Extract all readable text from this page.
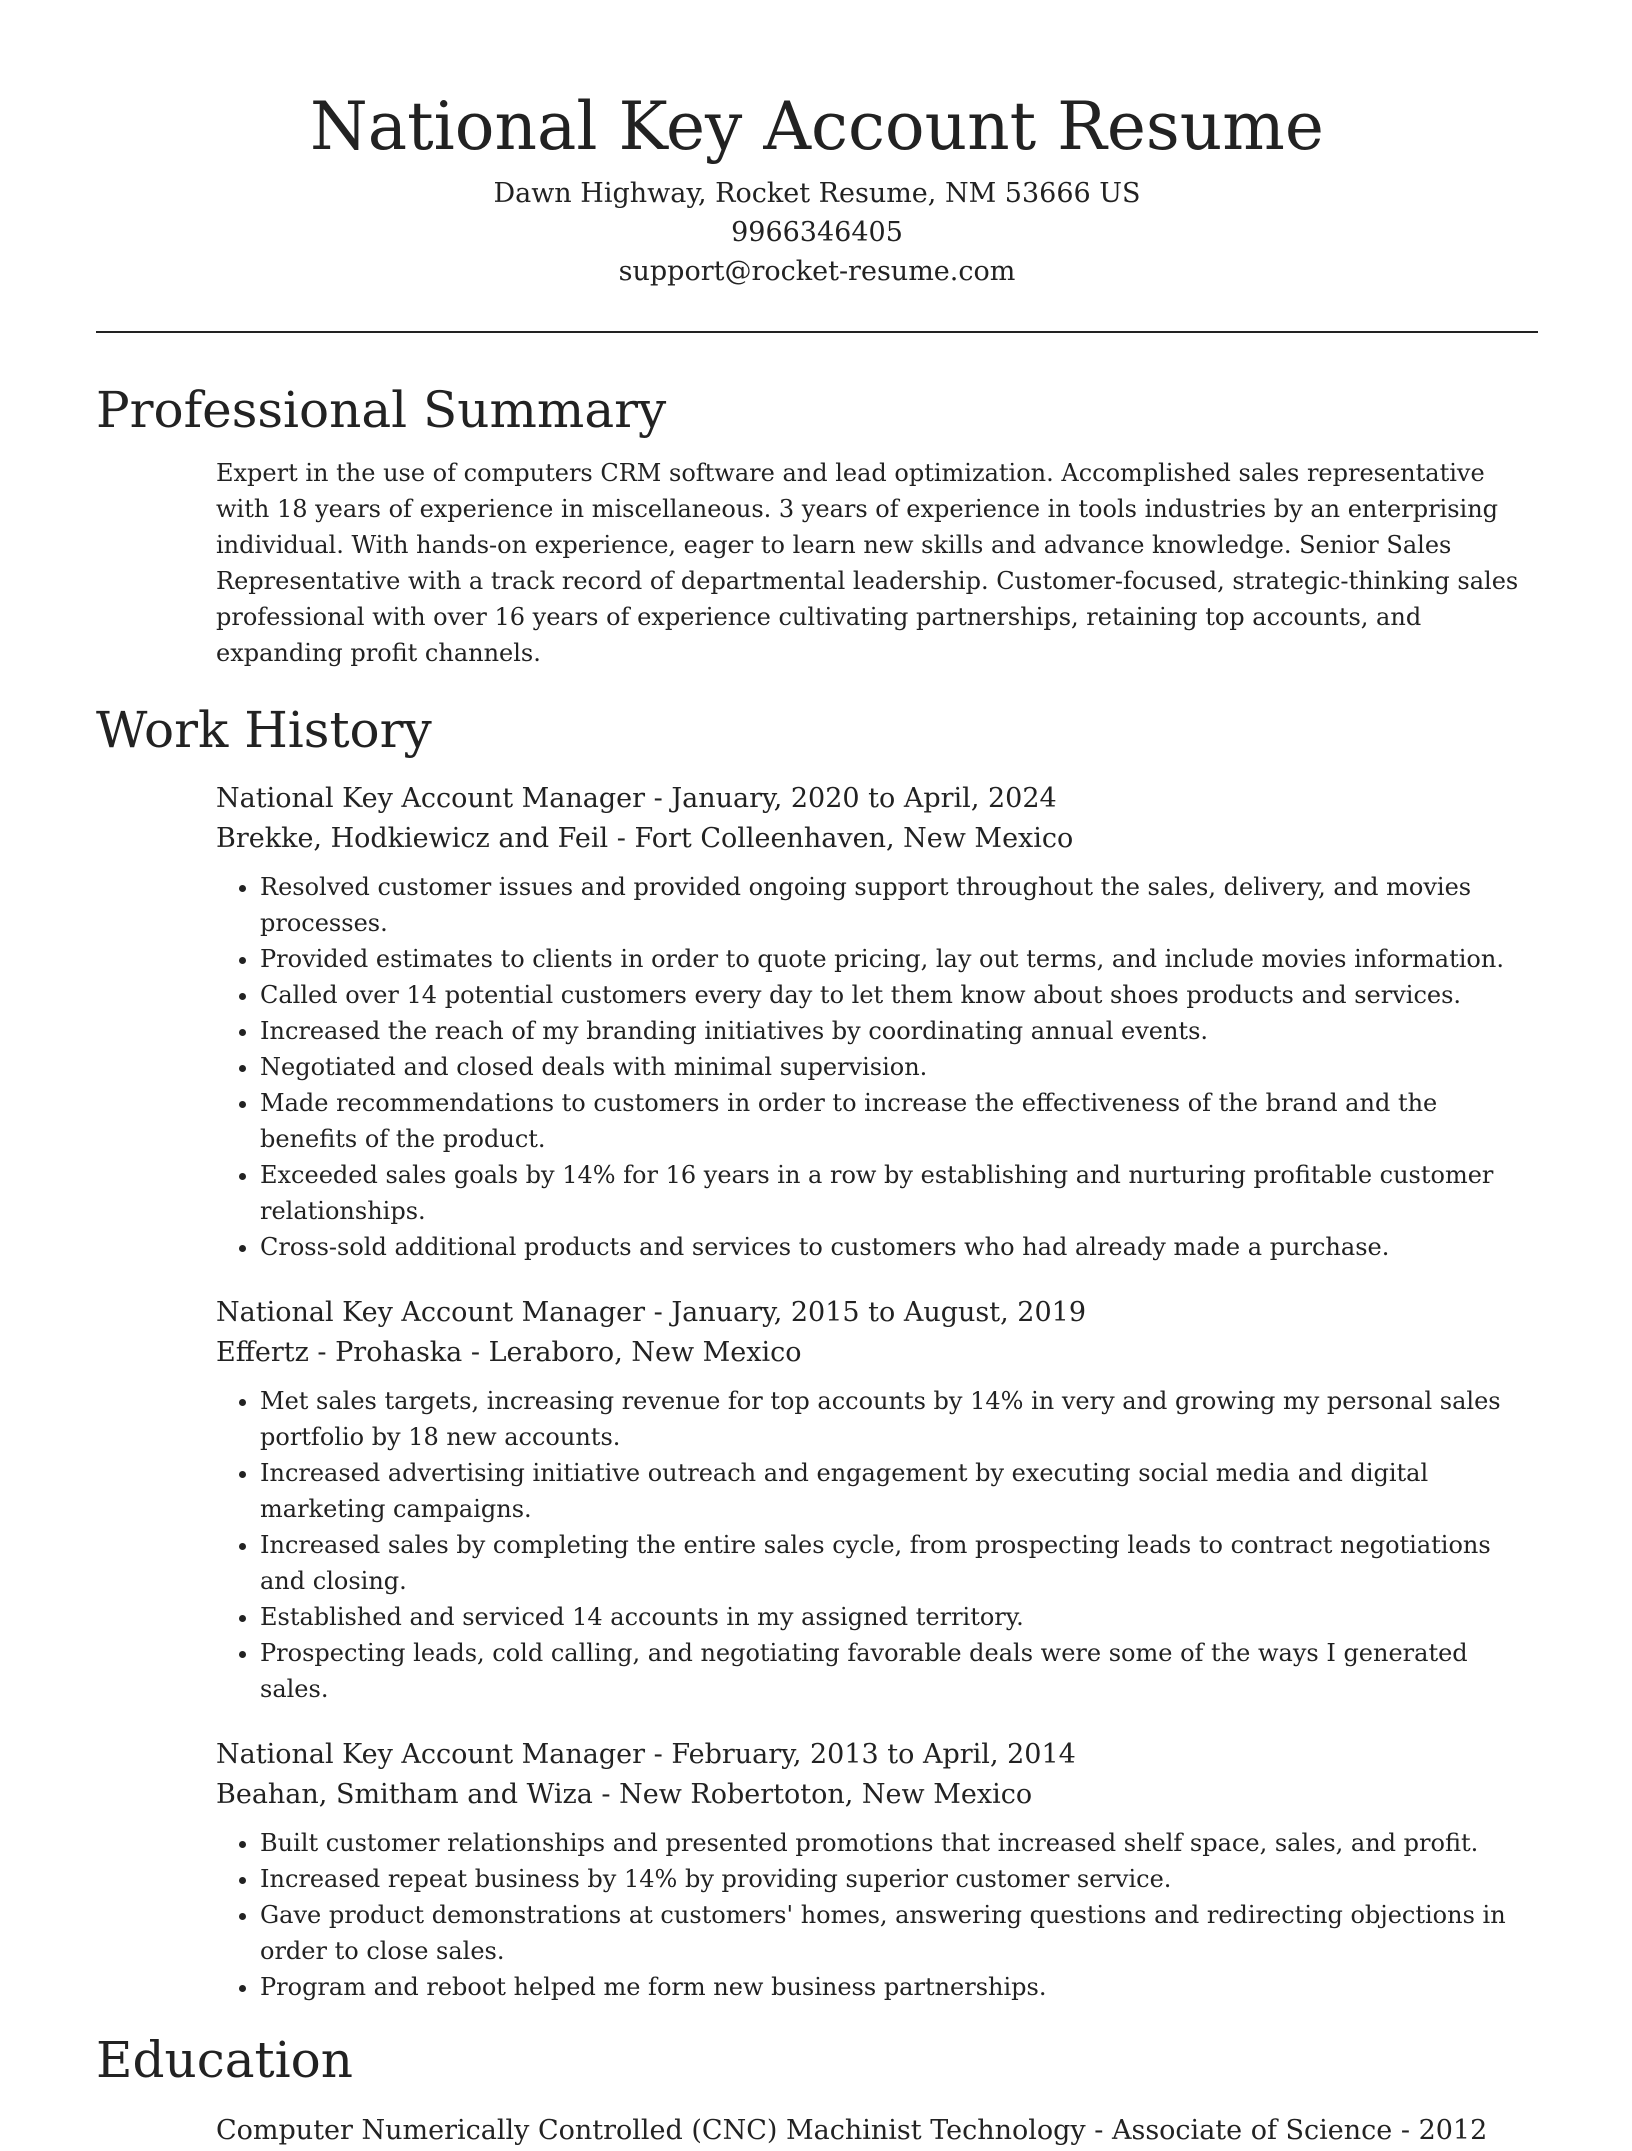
National Key Account Resume
Dawn Highway, Rocket Resume, NM 53666 US
9966346405
support@rocket-resume.com
Professional Summary
Expert in the use of computers CRM software and lead optimization. Accomplished sales representative with 18 years of experience in miscellaneous. 3 years of experience in tools industries by an enterprising individual. With hands-on experience, eager to learn new skills and advance knowledge. Senior Sales Representative with a track record of departmental leadership. Customer-focused, strategic-thinking sales professional with over 16 years of experience cultivating partnerships, retaining top accounts, and expanding profit channels.
Work History
National Key Account Manager - January, 2020 to April, 2024
Brekke, Hodkiewicz and Feil - Fort Colleenhaven, New Mexico
• Resolved customer issues and provided ongoing support throughout the sales, delivery, and movies processes.
• Provided estimates to clients in order to quote pricing, lay out terms, and include movies information.
• Called over 14 potential customers every day to let them know about shoes products and services.
• Increased the reach of my branding initiatives by coordinating annual events.
• Negotiated and closed deals with minimal supervision.
• Made recommendations to customers in order to increase the effectiveness of the brand and the benefits of the product.
• Exceeded sales goals by 14% for 16 years in a row by establishing and nurturing profitable customer relationships.
• Cross-sold additional products and services to customers who had already made a purchase.
National Key Account Manager - January, 2015 to August, 2019
Effertz - Prohaska - Leraboro, New Mexico
• Met sales targets, increasing revenue for top accounts by 14% in very and growing my personal sales portfolio by 18 new accounts.
• Increased advertising initiative outreach and engagement by executing social media and digital marketing campaigns.
• Increased sales by completing the entire sales cycle, from prospecting leads to contract negotiations and closing.
• Established and serviced 14 accounts in my assigned territory.
• Prospecting leads, cold calling, and negotiating favorable deals were some of the ways I generated sales.
National Key Account Manager - February, 2013 to April, 2014
Beahan, Smitham and Wiza - New Robertoton, New Mexico
• Built customer relationships and presented promotions that increased shelf space, sales, and profit.
• Increased repeat business by 14% by providing superior customer service.
• Gave product demonstrations at customers' homes, answering questions and redirecting objections in order to close sales.
• Program and reboot helped me form new business partnerships.
Education
Computer Numerically Controlled (CNC) Machinist Technology - Associate of Science - 2012
